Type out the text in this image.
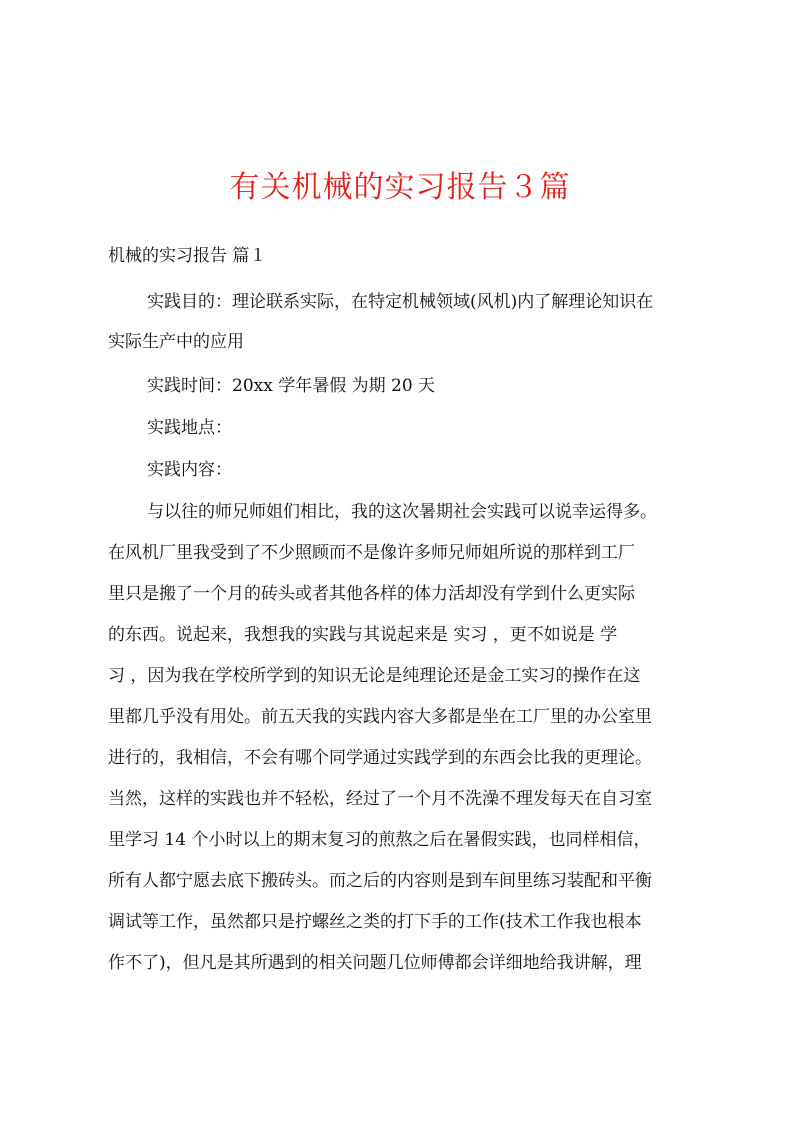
有关机械的实习报告３篇
机械的实习报告 篇１
实践目的：理论联系实际，在特定机械领域(风机)内了解理论知识在
实际生产中的应用
实践时间：20xx 学年暑假 为期 20 天
实践地点：
实践内容：
与以往的师兄师姐们相比，我的这次暑期社会实践可以说幸运得多。
在风机厂里我受到了不少照顾而不是像许多师兄师姐所说的那样到工厂
里只是搬了一个月的砖头或者其他各样的体力活却没有学到什么更实际
的东西。说起来，我想我的实践与其说起来是 实习 ，更不如说是 学
习 ，因为我在学校所学到的知识无论是纯理论还是金工实习的操作在这
里都几乎没有用处。前五天我的实践内容大多都是坐在工厂里的办公室里
进行的，我相信，不会有哪个同学通过实践学到的东西会比我的更理论。
当然，这样的实践也并不轻松，经过了一个月不洗澡不理发每天在自习室
里学习 14 个小时以上的期末复习的煎熬之后在暑假实践，也同样相信，
所有人都宁愿去底下搬砖头。而之后的内容则是到车间里练习装配和平衡
调试等工作，虽然都只是拧螺丝之类的打下手的工作(技术工作我也根本
作不了)，但凡是其所遇到的相关问题几位师傅都会详细地给我讲解，理
